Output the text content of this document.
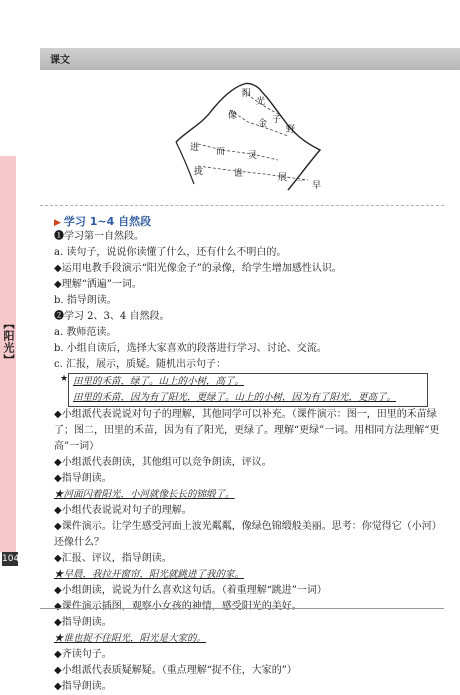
课文
【阳光】
104
阳
光
像
金 子
野
进 而	灵
拢	谁	展 一 早
▶ 学习 1~4 自然段
❶学习第一自然段。
a. 读句子，说说你读懂了什么，还有什么不明白的。
◆运用电教手段演示“阳光像金子”的录像，给学生增加感性认识。
◆理解“洒遍”一词。
b. 指导朗读。
❷学习 2、3、4 自然段。
a. 教师范读。
b. 小组自读后，选择大家喜欢的段落进行学习、讨论、交流。
c. 汇报，展示，质疑。随机出示句子：
★ 田里的禾苗，绿了。山上的小树，高了。
田里的禾苗，因为有了阳光，更绿了。山上的小树，因为有了阳光，更高了。
◆小组派代表说说对句子的理解，其他同学可以补充。（课件演示：图一，田里的禾苗绿了；图二，田里的禾苗，因为有了阳光，更绿了。理解“更绿”一词。用相同方法理解“更高”一词）
◆小组派代表朗读，其他组可以竞争朗读，评议。
◆指导朗读。
★河面闪着阳光，小河就像长长的锦缎了。
◆小组代表说说对句子的理解。
◆课件演示。让学生感受河面上波光粼粼，像绿色锦缎般美丽。思考：你觉得它（小河）还像什么？
◆汇报、评议，指导朗读。
★早晨，我拉开窗帘，阳光就跳进了我的家。
◆小组朗读，说说为什么喜欢这句话。（着重理解“跳进”一词）
◆课件演示插图，观察小女孩的神情，感受阳光的美好。
◆指导朗读。
★谁也捉不住阳光，阳光是大家的。
◆齐读句子。
◆小组派代表质疑解疑。（重点理解“捉不住，大家的”）
◆指导朗读。
